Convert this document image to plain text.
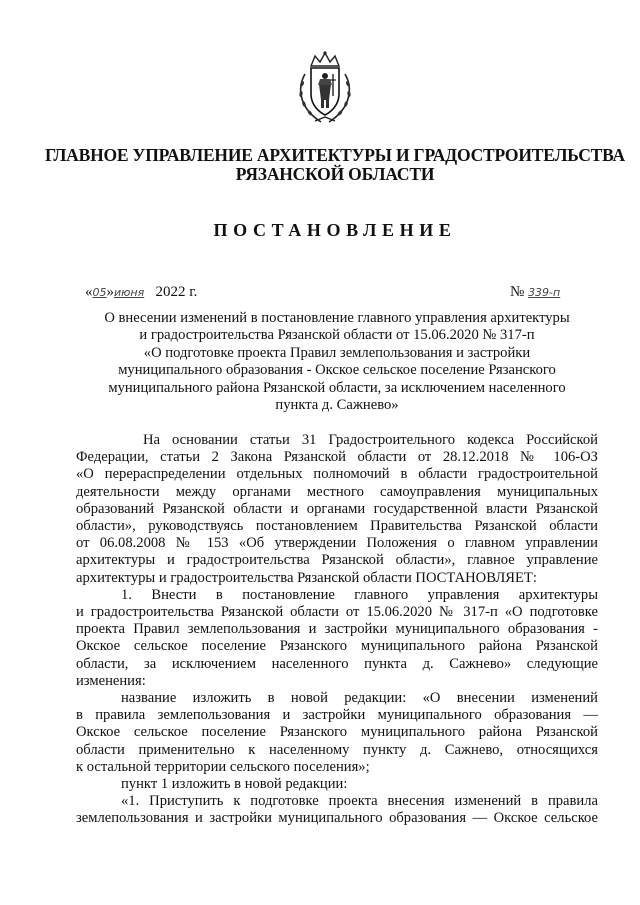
ГЛАВНОЕ УПРАВЛЕНИЕ АРХИТЕКТУРЫ И ГРАДОСТРОИТЕЛЬСТВА
РЯЗАНСКОЙ ОБЛАСТИ
ПОСТАНОВЛЕНИЕ
«05»июня 2022 г.	№ 339-п
О внесении изменений в постановление главного управления архитектуры
и градостроительства Рязанской области от 15.06.2020 № 317-п
«О подготовке проекта Правил землепользования и застройки
муниципального образования - Окское сельское поселение Рязанского
муниципального района Рязанской области, за исключением населенного
пункта д. Сажнево»
На основании статьи 31 Градостроительного кодекса Российской
Федерации, статьи 2 Закона Рязанской области от 28.12.2018 № 106-ОЗ
«О перераспределении отдельных полномочий в области градостроительной
деятельности между органами местного самоуправления муниципальных
образований Рязанской области и органами государственной власти Рязанской
области», руководствуясь постановлением Правительства Рязанской области
от 06.08.2008 № 153 «Об утверждении Положения о главном управлении
архитектуры и градостроительства Рязанской области», главное управление
архитектуры и градостроительства Рязанской области ПОСТАНОВЛЯЕТ:
1. Внести в постановление главного управления архитектуры
и градостроительства Рязанской области от 15.06.2020 № 317-п «О подготовке
проекта Правил землепользования и застройки муниципального образования -
Окское сельское поселение Рязанского муниципального района Рязанской
области, за исключением населенного пункта д. Сажнево» следующие
изменения:
название изложить в новой редакции: «О внесении изменений
в правила землепользования и застройки муниципального образования —
Окское сельское поселение Рязанского муниципального района Рязанской
области применительно к населенному пункту д. Сажнево, относящихся
к остальной территории сельского поселения»;
пункт 1 изложить в новой редакции:
«1. Приступить к подготовке проекта внесения изменений в правила
землепользования и застройки муниципального образования — Окское сельское
